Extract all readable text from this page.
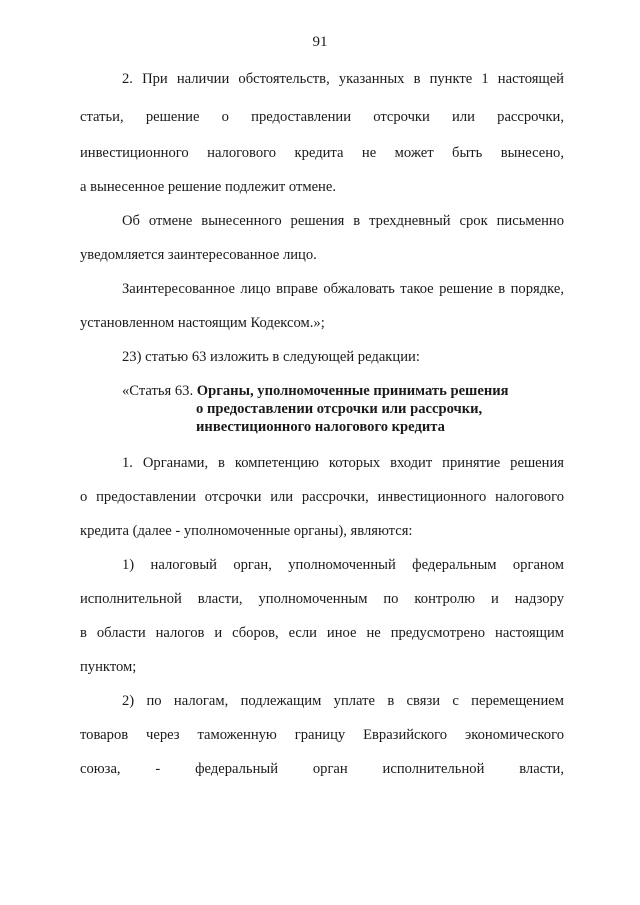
91
2. При наличии обстоятельств, указанных в пункте 1 настоящей
статьи, решение о предоставлении отсрочки или рассрочки,
инвестиционного налогового кредита не может быть вынесено,
а вынесенное решение подлежит отмене.
Об отмене вынесенного решения в трехдневный срок письменно
уведомляется заинтересованное лицо.
Заинтересованное лицо вправе обжаловать такое решение в порядке,
установленном настоящим Кодексом.»;
23) статью 63 изложить в следующей редакции:
«Статья 63. Органы, уполномоченные принимать решения
о предоставлении отсрочки или рассрочки,
инвестиционного налогового кредита
1. Органами, в компетенцию которых входит принятие решения
о предоставлении отсрочки или рассрочки, инвестиционного налогового
кредита (далее - уполномоченные органы), являются:
1) налоговый орган, уполномоченный федеральным органом
исполнительной власти, уполномоченным по контролю и надзору
в области налогов и сборов, если иное не предусмотрено настоящим
пунктом;
2) по налогам, подлежащим уплате в связи с перемещением
товаров через таможенную границу Евразийского экономического
союза, - федеральный орган исполнительной власти,
